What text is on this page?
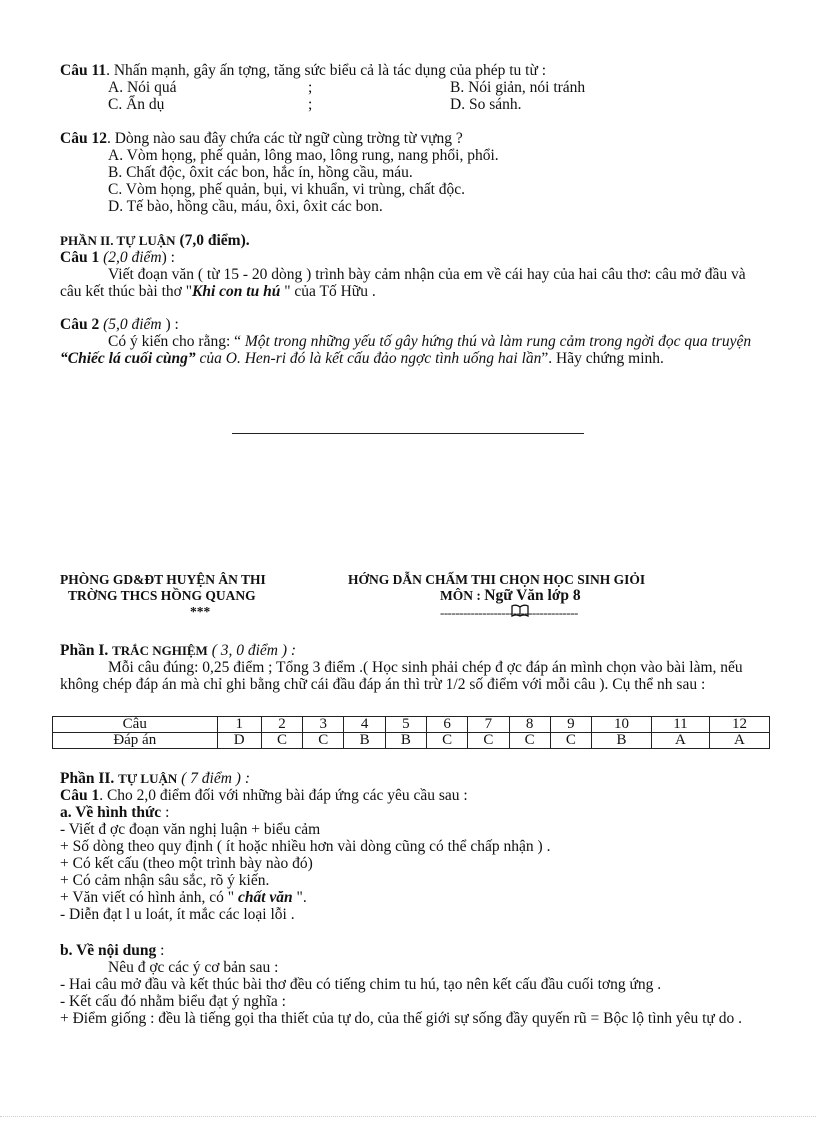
Câu 11. Nhấn mạnh, gây ấn tợng, tăng sức biểu cả là tác dụng của phép tu từ :

A. Nói quá	;	B. Nói giản, nói tránh
C. Ẩn dụ	;	D. So sánh.

Câu 12. Dòng nào sau đây chứa các từ ngữ cùng trờng từ vựng ?

A. Vòm họng, phế quản, lông mao, lông rung, nang phổi, phổi.

B. Chất độc, ôxit các bon, hắc ín, hồng cầu, máu.

C. Vòm họng, phế quản, bụi, vi khuẩn, vi trùng, chất độc.

D. Tế bào, hồng cầu, máu, ôxi, ôxit các bon.

PHẦN II. TỰ LUẬN (7,0 điểm).

Câu 1 (2,0 điểm) :

Viết đoạn văn ( từ 15 - 20 dòng ) trình bày cảm nhận của em về cái hay của hai câu thơ: câu mở đầu và câu kết thúc bài thơ "Khi con tu hú " của Tố Hữu .

Câu 2 (5,0 điểm ) :

Có ý kiến cho rằng: “ Một trong những yếu tố gây hứng thú và làm rung cảm trong ngời đọc qua truyện “Chiếc lá cuối cùng” của O. Hen-ri đó là kết cấu đảo ngợc tình uống hai lần”. Hãy chứng minh.

PHÒNG GD&ĐT HUYỆN ÂN THI
TRỜNG THCS HỒNG QUANG
***
HỚNG DẪN CHẤM THI CHỌN HỌC SINH GIỎI
MÔN : Ngữ Văn lớp 8
------------------------------------

Phần I. TRẮC NGHIỆM ( 3, 0 điểm ) :

Mỗi câu đúng: 0,25 điểm ; Tổng 3 điểm .( Học sinh phải chép đ ợc đáp án mình chọn vào bài làm, nếu không chép đáp án mà chỉ ghi bằng chữ cái đầu đáp án thì trừ 1/2 số điểm với mỗi câu ). Cụ thể nh sau :

Câu	1	2	3	4	5	6	7	8	9	10	11	12
Đáp án	D	C	C	B	B	C	C	C	C	B	A	A

Phần II. TỰ LUẬN ( 7 điểm ) :

Câu 1. Cho 2,0 điểm đối với những bài đáp ứng các yêu cầu sau :

a. Về hình thức :

- Viết đ ợc đoạn văn nghị luận + biểu cảm

+ Số dòng theo quy định ( ít hoặc nhiều hơn vài dòng cũng có thể chấp nhận ) .

+ Có kết cấu (theo một trình bày nào đó)

+ Có cảm nhận sâu sắc, rõ ý kiến.

+ Văn viết có hình ảnh, có " chất văn ".

- Diễn đạt l u loát, ít mắc các loại lỗi .

b. Về nội dung :

Nêu đ ợc các ý cơ bản sau :

- Hai câu mở đầu và kết thúc bài thơ đều có tiếng chim tu hú, tạo nên kết cấu đầu cuối tơng ứng .

- Kết cấu đó nhằm biểu đạt ý nghĩa :

+ Điểm giống : đều là tiếng gọi tha thiết của tự do, của thế giới sự sống đầy quyến rũ = Bộc lộ tình yêu tự do .
